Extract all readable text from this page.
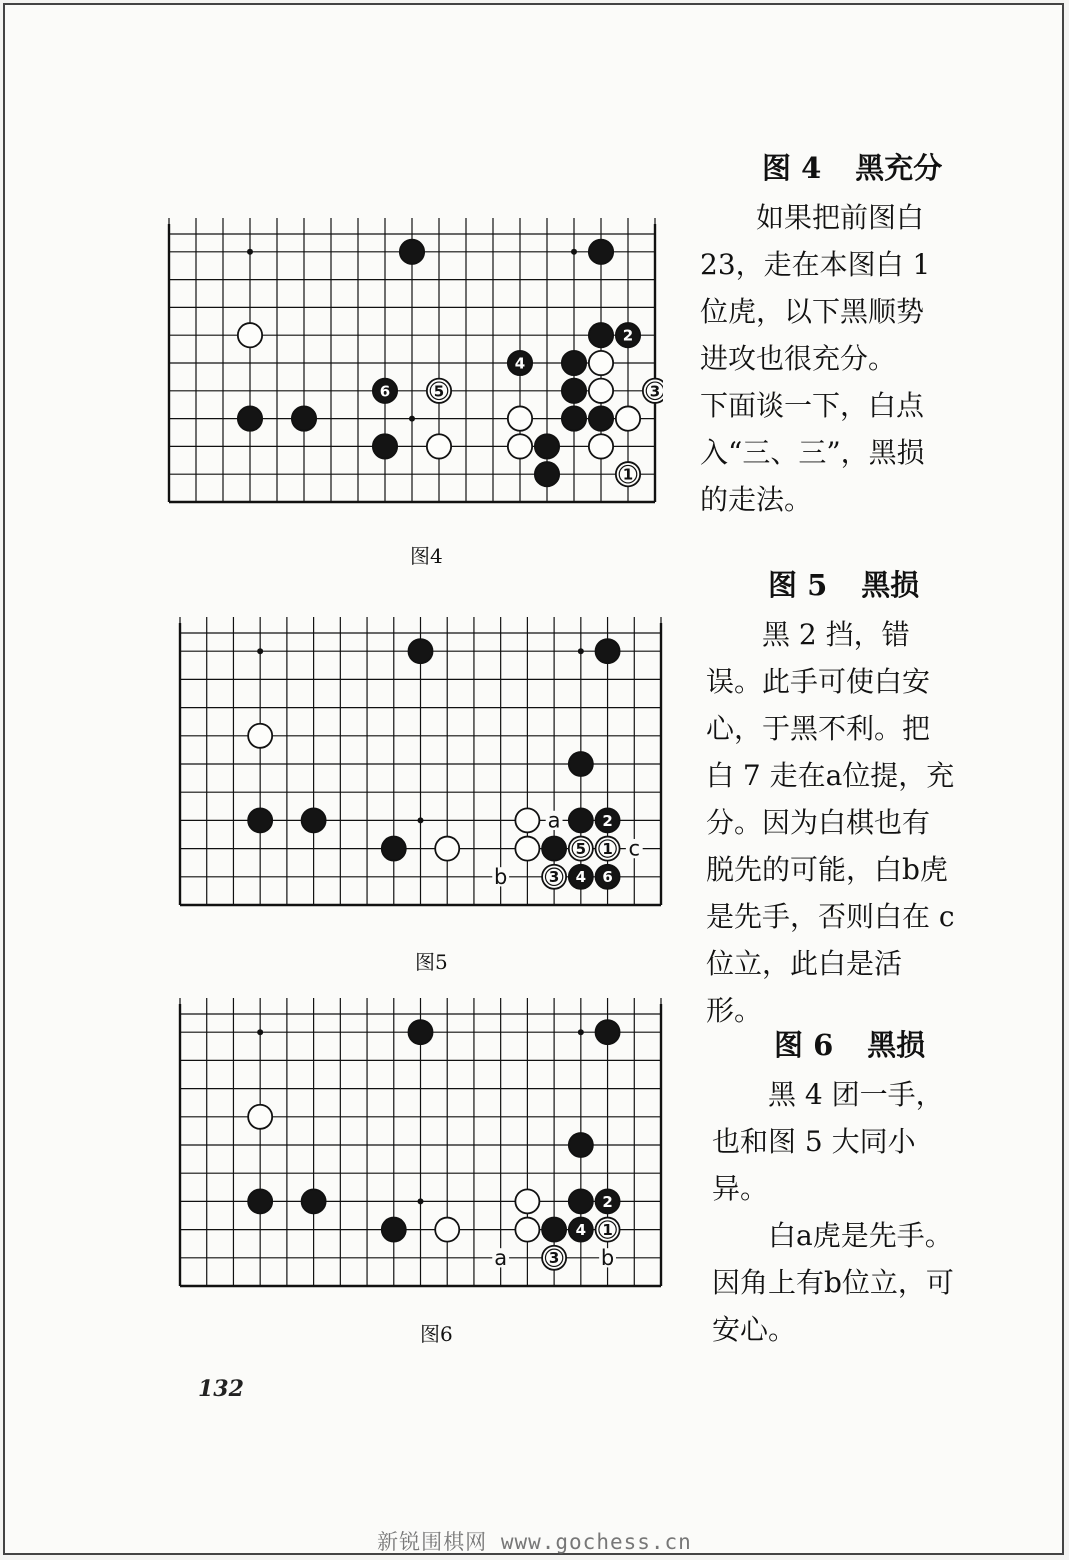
2
4
6	5	3
1
图4
a
c
b
2
5 1
3 4 6
图5
a	b
2
4 1
3
图6
图 4 黑充分

如果把前图白23，走在本图白 1 位虎，以下黑顺势进攻也很充分。

下面谈一下，白点入“三、三”，黑损的走法。

图 5 黑损

黑 2 挡，错误。此手可使白安心，于黑不利。把白 7 走在a位提，充分。因为白棋也有脱先的可能，白b虎是先手，否则白在 c 位立，此白是活形。

图 6 黑损

黑 4 团一手，也和图 5 大同小异。

白a虎是先手。因角上有b位立，可安心。

132
新锐围棋网 www.gochess.cn
